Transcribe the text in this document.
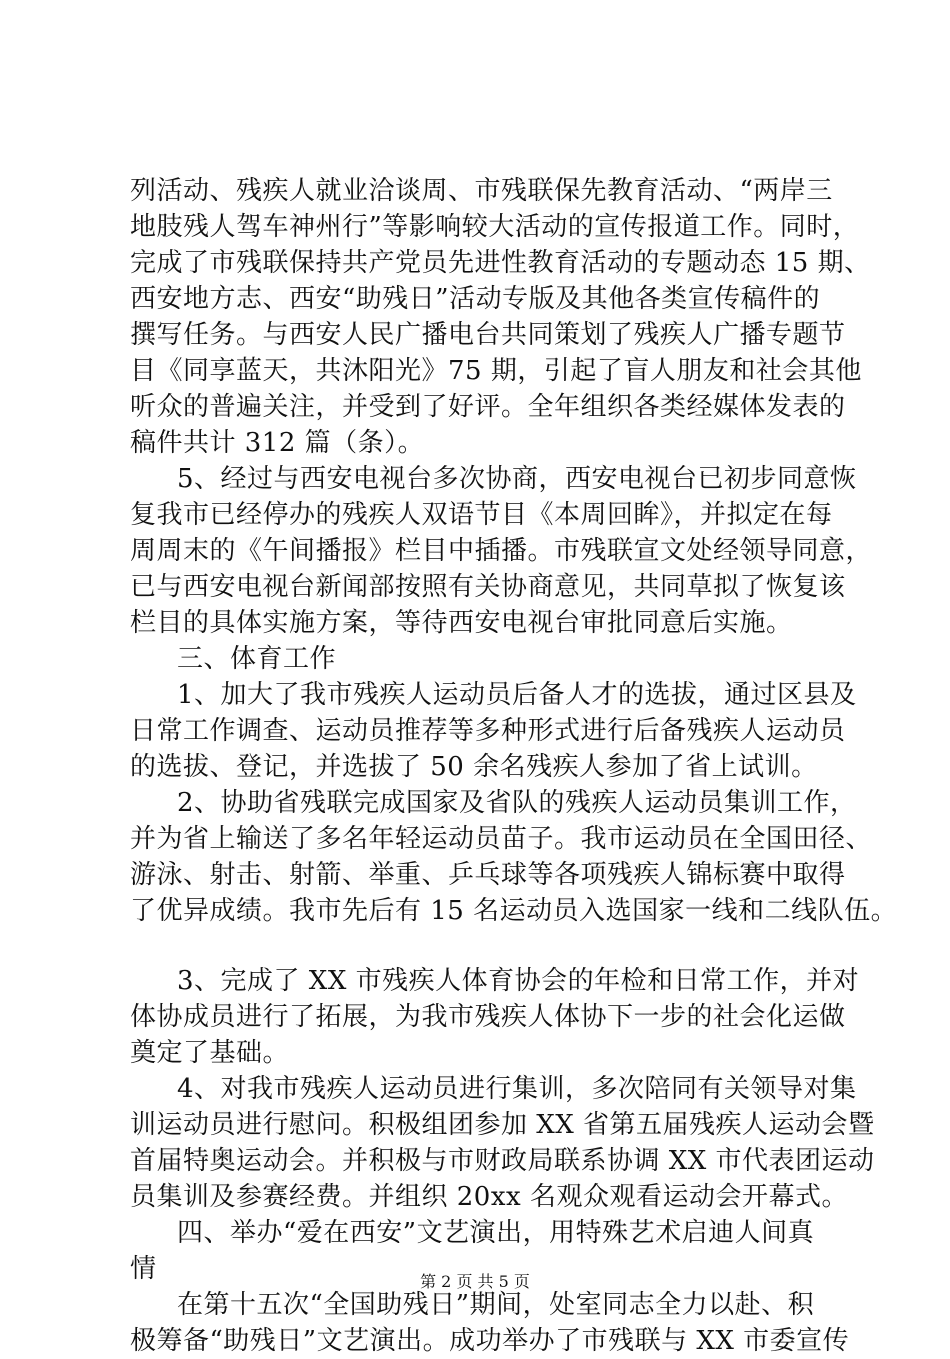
列活动、残疾人就业洽谈周、市残联保先教育活动、“两岸三
地肢残人驾车神州行”等影响较大活动的宣传报道工作。同时，
完成了市残联保持共产党员先进性教育活动的专题动态 15 期、
西安地方志、西安“助残日”活动专版及其他各类宣传稿件的
撰写任务。与西安人民广播电台共同策划了残疾人广播专题节
目《同享蓝天，共沐阳光》75 期，引起了盲人朋友和社会其他
听众的普遍关注，并受到了好评。全年组织各类经媒体发表的
稿件共计 312 篇（条）。
5、经过与西安电视台多次协商，西安电视台已初步同意恢
复我市已经停办的残疾人双语节目《本周回眸》，并拟定在每
周周末的《午间播报》栏目中插播。市残联宣文处经领导同意，
已与西安电视台新闻部按照有关协商意见，共同草拟了恢复该
栏目的具体实施方案，等待西安电视台审批同意后实施。
三、体育工作
1、加大了我市残疾人运动员后备人才的选拔，通过区县及
日常工作调查、运动员推荐等多种形式进行后备残疾人运动员
的选拔、登记，并选拔了 50 余名残疾人参加了省上试训。
2、协助省残联完成国家及省队的残疾人运动员集训工作，
并为省上输送了多名年轻运动员苗子。我市运动员在全国田径、
游泳、射击、射箭、举重、乒乓球等各项残疾人锦标赛中取得
了优异成绩。我市先后有 15 名运动员入选国家一线和二线队伍。
3、完成了 XX 市残疾人体育协会的年检和日常工作，并对
体协成员进行了拓展，为我市残疾人体协下一步的社会化运做
奠定了基础。
4、对我市残疾人运动员进行集训，多次陪同有关领导对集
训运动员进行慰问。积极组团参加 XX 省第五届残疾人运动会暨
首届特奥运动会。并积极与市财政局联系协调 XX 市代表团运动
员集训及参赛经费。并组织 20xx 名观众观看运动会开幕式。
四、举办“爱在西安”文艺演出，用特殊艺术启迪人间真
情
在第十五次“全国助残日”期间，处室同志全力以赴、积
极筹备“助残日”文艺演出。成功举办了市残联与 XX 市委宣传
第 2 页 共 5 页
